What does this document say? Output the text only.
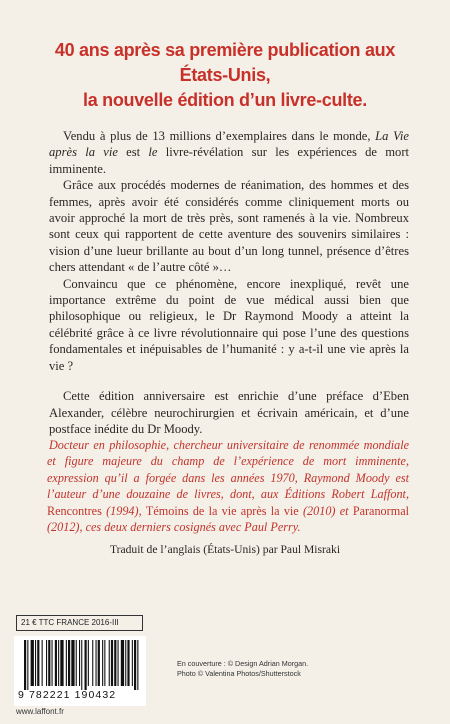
40 ans après sa première publication aux États-Unis,
la nouvelle édition d’un livre-culte.

Vendu à plus de 13 millions d’exemplaires dans le monde, La Vie après la vie est le livre-révélation sur les expériences de mort imminente.

Grâce aux procédés modernes de réanimation, des hommes et des femmes, après avoir été considérés comme cliniquement morts ou avoir approché la mort de très près, sont ramenés à la vie. Nombreux sont ceux qui rapportent de cette aventure des souvenirs similaires : vision d’une lueur brillante au bout d’un long tunnel, présence d’êtres chers attendant « de l’autre côté »…

Convaincu que ce phénomène, encore inexpliqué, revêt une importance extrême du point de vue médical aussi bien que philosophique ou religieux, le Dr Raymond Moody a atteint la célébrité grâce à ce livre révolutionnaire qui pose l’une des questions fondamentales et inépuisables de l’humanité : y a-t-il une vie après la vie ?

Cette édition anniversaire est enrichie d’une préface d’Eben Alexander, célèbre neurochirurgien et écrivain américain, et d’une postface inédite du Dr Moody.

Docteur en philosophie, chercheur universitaire de renommée mondiale et figure majeure du champ de l’expérience de mort imminente, expression qu’il a forgée dans les années 1970, Raymond Moody est l’auteur d’une douzaine de livres, dont, aux Éditions Robert Laffont, Rencontres (1994), Témoins de la vie après la vie (2010) et Paranormal (2012), ces deux derniers cosignés avec Paul Perry.
Traduit de l’anglais (États-Unis) par Paul Misraki
21 € TTC FRANCE 2016-III
9 782221 190432
www.laffont.fr
En couverture : © Design Adrian Morgan.
Photo © Valentina Photos/Shutterstock
